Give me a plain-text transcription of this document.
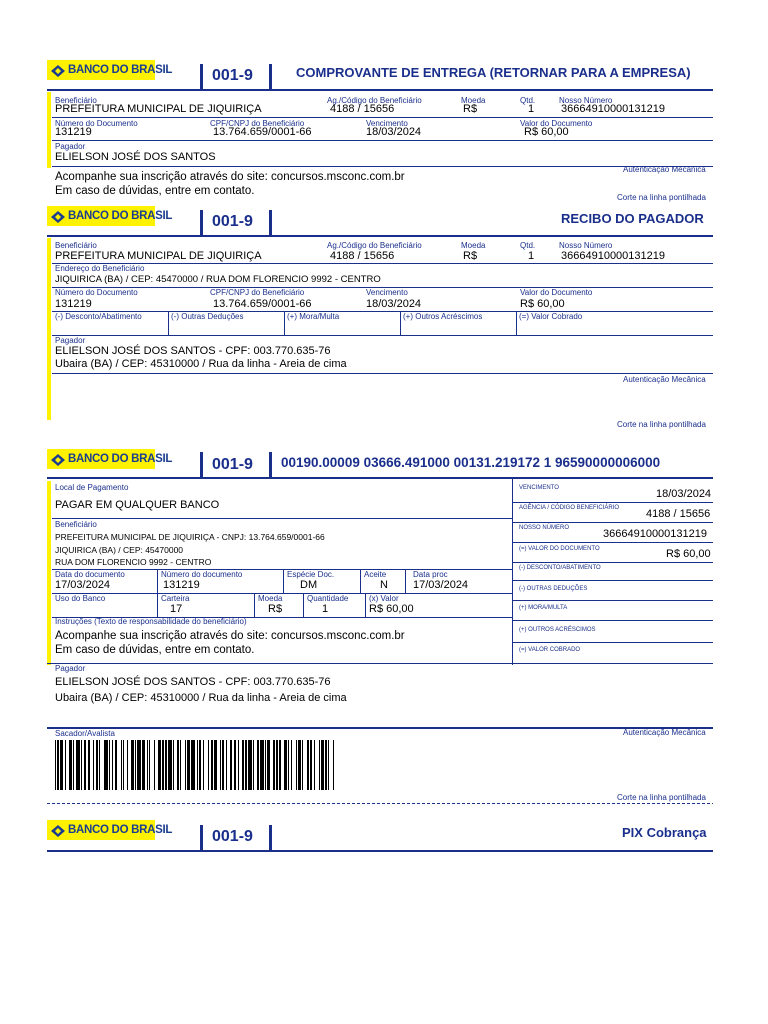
BANCO DO BRASIL 001-9	COMPROVANTE DE ENTREGA (RETORNAR PARA A EMPRESA)
Beneficiário
PREFEITURA MUNICIPAL DE JIQUIRIÇA
Ag./Código do Beneficiário
4188 / 15656
Moeda
R$
Qtd.
1
Nosso Número
36664910000131219
Número do Documento
131219
CPF/CNPJ do Beneficiário
13.764.659/0001-66
Vencimento
18/03/2024
Valor do Documento
R$ 60,00
Pagador
ELIELSON JOSÉ DOS SANTOS
Autenticação Mecânica
Acompanhe sua inscrição através do site: concursos.msconc.com.br
Em caso de dúvidas, entre em contato.
Corte na linha pontilhada
BANCO DO BRASIL 001-9	RECIBO DO PAGADOR
Beneficiário
PREFEITURA MUNICIPAL DE JIQUIRIÇA
Ag./Código do Beneficiário
4188 / 15656
Moeda
R$
Qtd.
1
Nosso Número
36664910000131219
Endereço do Beneficiário
JIQUIRICA (BA) / CEP: 45470000 / RUA DOM FLORENCIO 9992 - CENTRO
Número do Documento
131219
CPF/CNPJ do Beneficiário
13.764.659/0001-66
Vencimento
18/03/2024
Valor do Documento
R$ 60,00
(-) Desconto/Abatimento	(-) Outras Deduções	(+) Mora/Multa	(+) Outros Acréscimos	(=) Valor Cobrado
Pagador
ELIELSON JOSÉ DOS SANTOS - CPF: 003.770.635-76
Ubaira (BA) / CEP: 45310000 / Rua da linha - Areia de cima
Autenticação Mecânica
Corte na linha pontilhada
BANCO DO BRASIL 001-9 00190.00009 03666.491000 00131.219172 1 96590000006000
VENCIMENTO	18/03/2024
AGÊNCIA / CÓDIGO BENEFICIÁRIO 4188 / 15656
NOSSO NÚMERO	36664910000131219
(=) VALOR DO DOCUMENTO	R$ 60,00
(-) DESCONTO/ABATIMENTO
(-) OUTRAS DEDUÇÕES
(+) MORA/MULTA
(+) OUTROS ACRÉSCIMOS
(=) VALOR COBRADO
Local de Pagamento
PAGAR EM QUALQUER BANCO
Beneficiário
PREFEITURA MUNICIPAL DE JIQUIRIÇA - CNPJ: 13.764.659/0001-66
JIQUIRICA (BA) / CEP: 45470000
RUA DOM FLORENCIO 9992 - CENTRO
Data do documento
17/03/2024
Número do documento
131219
Espécie Doc.
DM
Aceite
N
Data proc
17/03/2024
Uso do Banco	Carteira
17
Moeda
R$
Quantidade
1
(x) Valor
R$ 60,00
Instruções (Texto de responsabilidade do beneficiário)
Acompanhe sua inscrição através do site: concursos.msconc.com.br
Em caso de dúvidas, entre em contato.
Pagador
ELIELSON JOSÉ DOS SANTOS - CPF: 003.770.635-76
Ubaira (BA) / CEP: 45310000 / Rua da linha - Areia de cima
Sacador/Avalista	Autenticação Mecânica
Corte na linha pontilhada
BANCO DO BRASIL 001-9	PIX Cobrança
